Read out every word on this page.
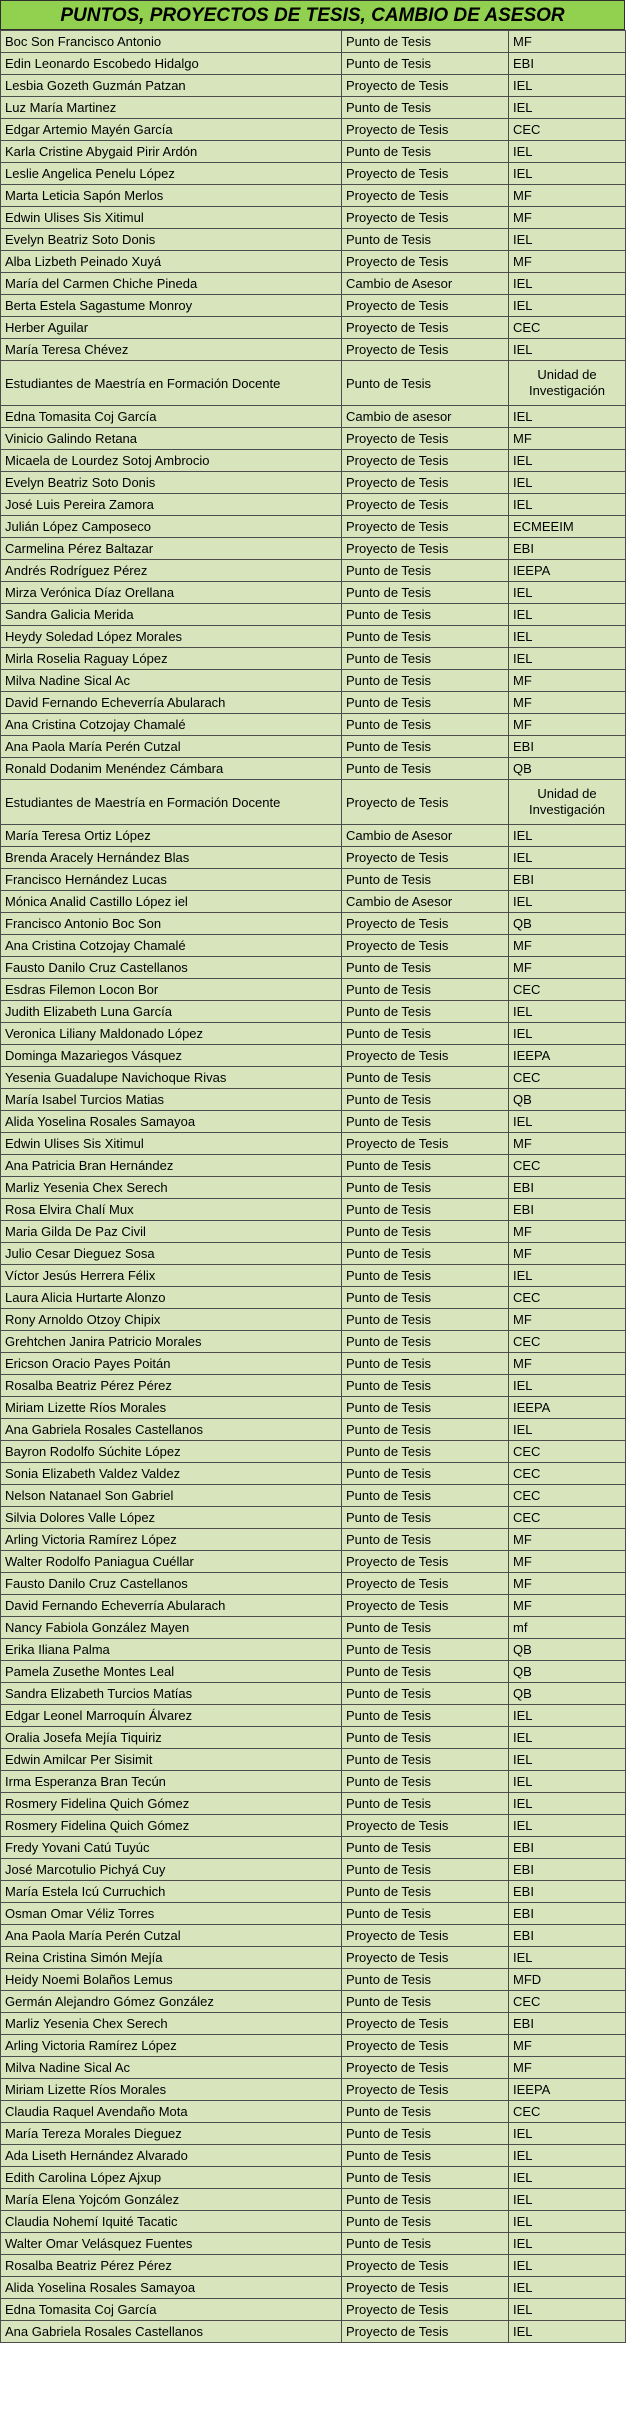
PUNTOS, PROYECTOS DE TESIS, CAMBIO DE ASESOR
Boc Son Francisco Antonio	Punto de Tesis	MF
Edin Leonardo Escobedo Hidalgo	Punto de Tesis	EBI
Lesbia Gozeth Guzmán Patzan	Proyecto de Tesis	IEL
Luz María Martinez	Punto de Tesis	IEL
Edgar Artemio Mayén García	Proyecto de Tesis	CEC
Karla Cristine Abygaid Pirir Ardón	Punto de Tesis	IEL
Leslie Angelica Penelu López	Proyecto de Tesis	IEL
Marta Leticia Sapón Merlos	Proyecto de Tesis	MF
Edwin Ulises Sis Xitimul	Proyecto de Tesis	MF
Evelyn Beatriz Soto Donis	Punto de Tesis	IEL
Alba Lizbeth Peinado Xuyá	Proyecto de Tesis	MF
María del Carmen Chiche Pineda	Cambio de Asesor	IEL
Berta Estela Sagastume Monroy	Proyecto de Tesis	IEL
Herber Aguilar	Proyecto de Tesis	CEC
María Teresa Chévez	Proyecto de Tesis	IEL
Estudiantes de Maestría en Formación Docente	Punto de Tesis	Unidad de Investigación
Edna Tomasita Coj García	Cambio de asesor	IEL
Vinicio Galindo Retana	Proyecto de Tesis	MF
Micaela de Lourdez Sotoj Ambrocio	Proyecto de Tesis	IEL
Evelyn Beatriz Soto Donis	Proyecto de Tesis	IEL
José Luis Pereira Zamora	Proyecto de Tesis	IEL
Julián López Camposeco	Proyecto de Tesis	ECMEEIM
Carmelina Pérez Baltazar	Proyecto de Tesis	EBI
Andrés Rodríguez Pérez	Punto de Tesis	IEEPA
Mirza Verónica Díaz Orellana	Punto de Tesis	IEL
Sandra Galicia Merida	Punto de Tesis	IEL
Heydy Soledad López Morales	Punto de Tesis	IEL
Mirla Roselia Raguay López	Punto de Tesis	IEL
Milva Nadine Sical Ac	Punto de Tesis	MF
David Fernando Echeverría Abularach	Punto de Tesis	MF
Ana Cristina Cotzojay Chamalé	Punto de Tesis	MF
Ana Paola María Perén Cutzal	Punto de Tesis	EBI
Ronald Dodanim Menéndez Cámbara	Punto de Tesis	QB
Estudiantes de Maestría en Formación Docente	Proyecto de Tesis	Unidad de Investigación
María Teresa Ortiz López	Cambio de Asesor	IEL
Brenda Aracely Hernández Blas	Proyecto de Tesis	IEL
Francisco Hernández Lucas	Punto de Tesis	EBI
Mónica Analid Castillo López iel	Cambio de Asesor	IEL
Francisco Antonio Boc Son	Proyecto de Tesis	QB
Ana Cristina Cotzojay Chamalé	Proyecto de Tesis	MF
Fausto Danilo Cruz Castellanos	Punto de Tesis	MF
Esdras Filemon Locon Bor	Punto de Tesis	CEC
Judith Elizabeth Luna García	Punto de Tesis	IEL
Veronica Liliany Maldonado López	Punto de Tesis	IEL
Dominga Mazariegos Vásquez	Proyecto de Tesis	IEEPA
Yesenia Guadalupe Navichoque Rivas	Punto de Tesis	CEC
María Isabel Turcios Matias	Punto de Tesis	QB
Alida Yoselina Rosales Samayoa	Punto de Tesis	IEL
Edwin Ulises Sis Xitimul	Proyecto de Tesis	MF
Ana Patricia Bran Hernández	Punto de Tesis	CEC
Marliz Yesenia Chex Serech	Punto de Tesis	EBI
Rosa Elvira Chalí Mux	Punto de Tesis	EBI
Maria Gilda De Paz Civil	Punto de Tesis	MF
Julio Cesar Dieguez Sosa	Punto de Tesis	MF
Víctor Jesús Herrera Félix	Punto de Tesis	IEL
Laura Alicia Hurtarte Alonzo	Punto de Tesis	CEC
Rony Arnoldo Otzoy Chipix	Punto de Tesis	MF
Grehtchen Janira Patricio Morales	Punto de Tesis	CEC
Ericson Oracio Payes Poitán	Punto de Tesis	MF
Rosalba Beatriz Pérez Pérez	Punto de Tesis	IEL
Miriam Lizette Ríos Morales	Punto de Tesis	IEEPA
Ana Gabriela Rosales Castellanos	Punto de Tesis	IEL
Bayron Rodolfo Súchite López	Punto de Tesis	CEC
Sonia Elizabeth Valdez Valdez	Punto de Tesis	CEC
Nelson Natanael Son Gabriel	Punto de Tesis	CEC
Silvia Dolores Valle López	Punto de Tesis	CEC
Arling Victoria Ramírez López	Punto de Tesis	MF
Walter Rodolfo Paniagua Cuéllar	Proyecto de Tesis	MF
Fausto Danilo Cruz Castellanos	Proyecto de Tesis	MF
David Fernando Echeverría Abularach	Proyecto de Tesis	MF
Nancy Fabiola González Mayen	Punto de Tesis	mf
Erika Iliana Palma	Punto de Tesis	QB
Pamela Zusethe Montes Leal	Punto de Tesis	QB
Sandra Elizabeth Turcios Matías	Punto de Tesis	QB
Edgar Leonel Marroquín Álvarez	Punto de Tesis	IEL
Oralia Josefa Mejía Tiquiriz	Punto de Tesis	IEL
Edwin Amilcar Per Sisimit	Punto de Tesis	IEL
Irma Esperanza Bran Tecún	Punto de Tesis	IEL
Rosmery Fidelina Quich Gómez	Punto de Tesis	IEL
Rosmery Fidelina Quich Gómez	Proyecto de Tesis	IEL
Fredy Yovani Catú Tuyúc	Punto de Tesis	EBI
José Marcotulio Pichyá Cuy	Punto de Tesis	EBI
María Estela Icú Curruchich	Punto de Tesis	EBI
Osman Omar Véliz Torres	Punto de Tesis	EBI
Ana Paola María Perén Cutzal	Proyecto de Tesis	EBI
Reina Cristina Simón Mejía	Proyecto de Tesis	IEL
Heidy Noemi Bolaños Lemus	Punto de Tesis	MFD
Germán Alejandro Gómez González	Punto de Tesis	CEC
Marliz Yesenia Chex Serech	Proyecto de Tesis	EBI
Arling Victoria Ramírez López	Proyecto de Tesis	MF
Milva Nadine Sical Ac	Proyecto de Tesis	MF
Miriam Lizette Ríos Morales	Proyecto de Tesis	IEEPA
Claudia Raquel Avendaño Mota	Punto de Tesis	CEC
María Tereza Morales Dieguez	Punto de Tesis	IEL
Ada Liseth Hernández Alvarado	Punto de Tesis	IEL
Edith Carolina López Ajxup	Punto de Tesis	IEL
María Elena Yojcóm González	Punto de Tesis	IEL
Claudia Nohemí Iquité Tacatic	Punto de Tesis	IEL
Walter Omar Velásquez Fuentes	Punto de Tesis	IEL
Rosalba Beatriz Pérez Pérez	Proyecto de Tesis	IEL
Alida Yoselina Rosales Samayoa	Proyecto de Tesis	IEL
Edna Tomasita Coj García	Proyecto de Tesis	IEL
Ana Gabriela Rosales Castellanos	Proyecto de Tesis	IEL
